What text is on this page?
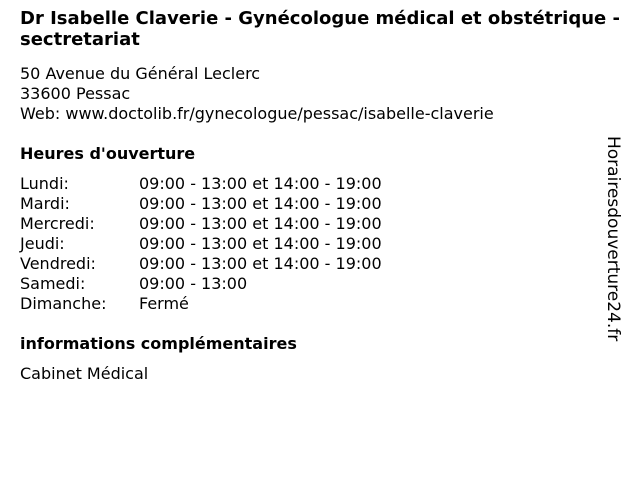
Dr Isabelle Claverie - Gynécologue médical et obstétrique - sectretariat
50 Avenue du Général Leclerc
33600 Pessac
Web: www.doctolib.fr/gynecologue/pessac/isabelle-claverie
Heures d'ouverture
Lundi:	09:00 - 13:00 et 14:00 - 19:00
Mardi:	09:00 - 13:00 et 14:00 - 19:00
Mercredi:	09:00 - 13:00 et 14:00 - 19:00
Jeudi:	09:00 - 13:00 et 14:00 - 19:00
Vendredi:	09:00 - 13:00 et 14:00 - 19:00
Samedi:	09:00 - 13:00
Dimanche: Fermé
informations complémentaires
Cabinet Médical
Horairesdouverture24.fr
